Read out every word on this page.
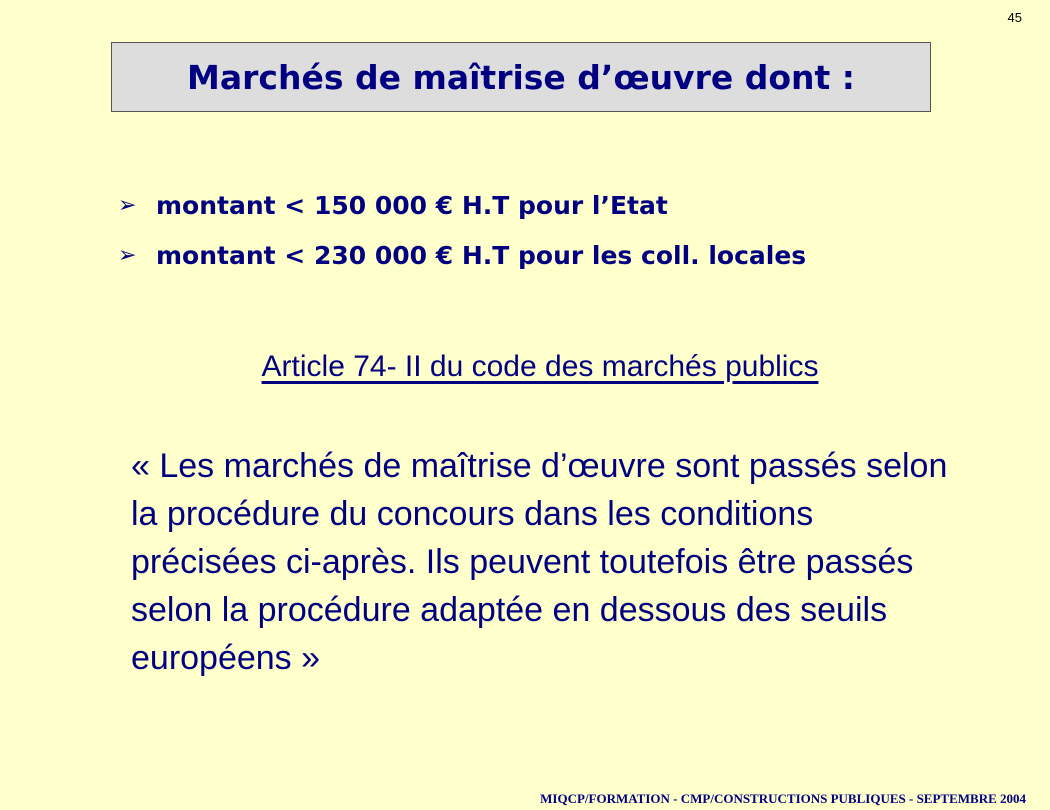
45
Marchés de maîtrise d’œuvre dont :
➢ montant < 150 000 € H.T pour l’Etat
➢ montant < 230 000 € H.T pour les coll. locales
Article 74- II du code des marchés publics

« Les marchés de maîtrise d’œuvre sont passés selon la procédure du concours dans les conditions précisées ci-après. Ils peuvent toutefois être passés selon la procédure adaptée en dessous des seuils européens »

MIQCP/FORMATION - CMP/CONSTRUCTIONS PUBLIQUES - SEPTEMBRE 2004
